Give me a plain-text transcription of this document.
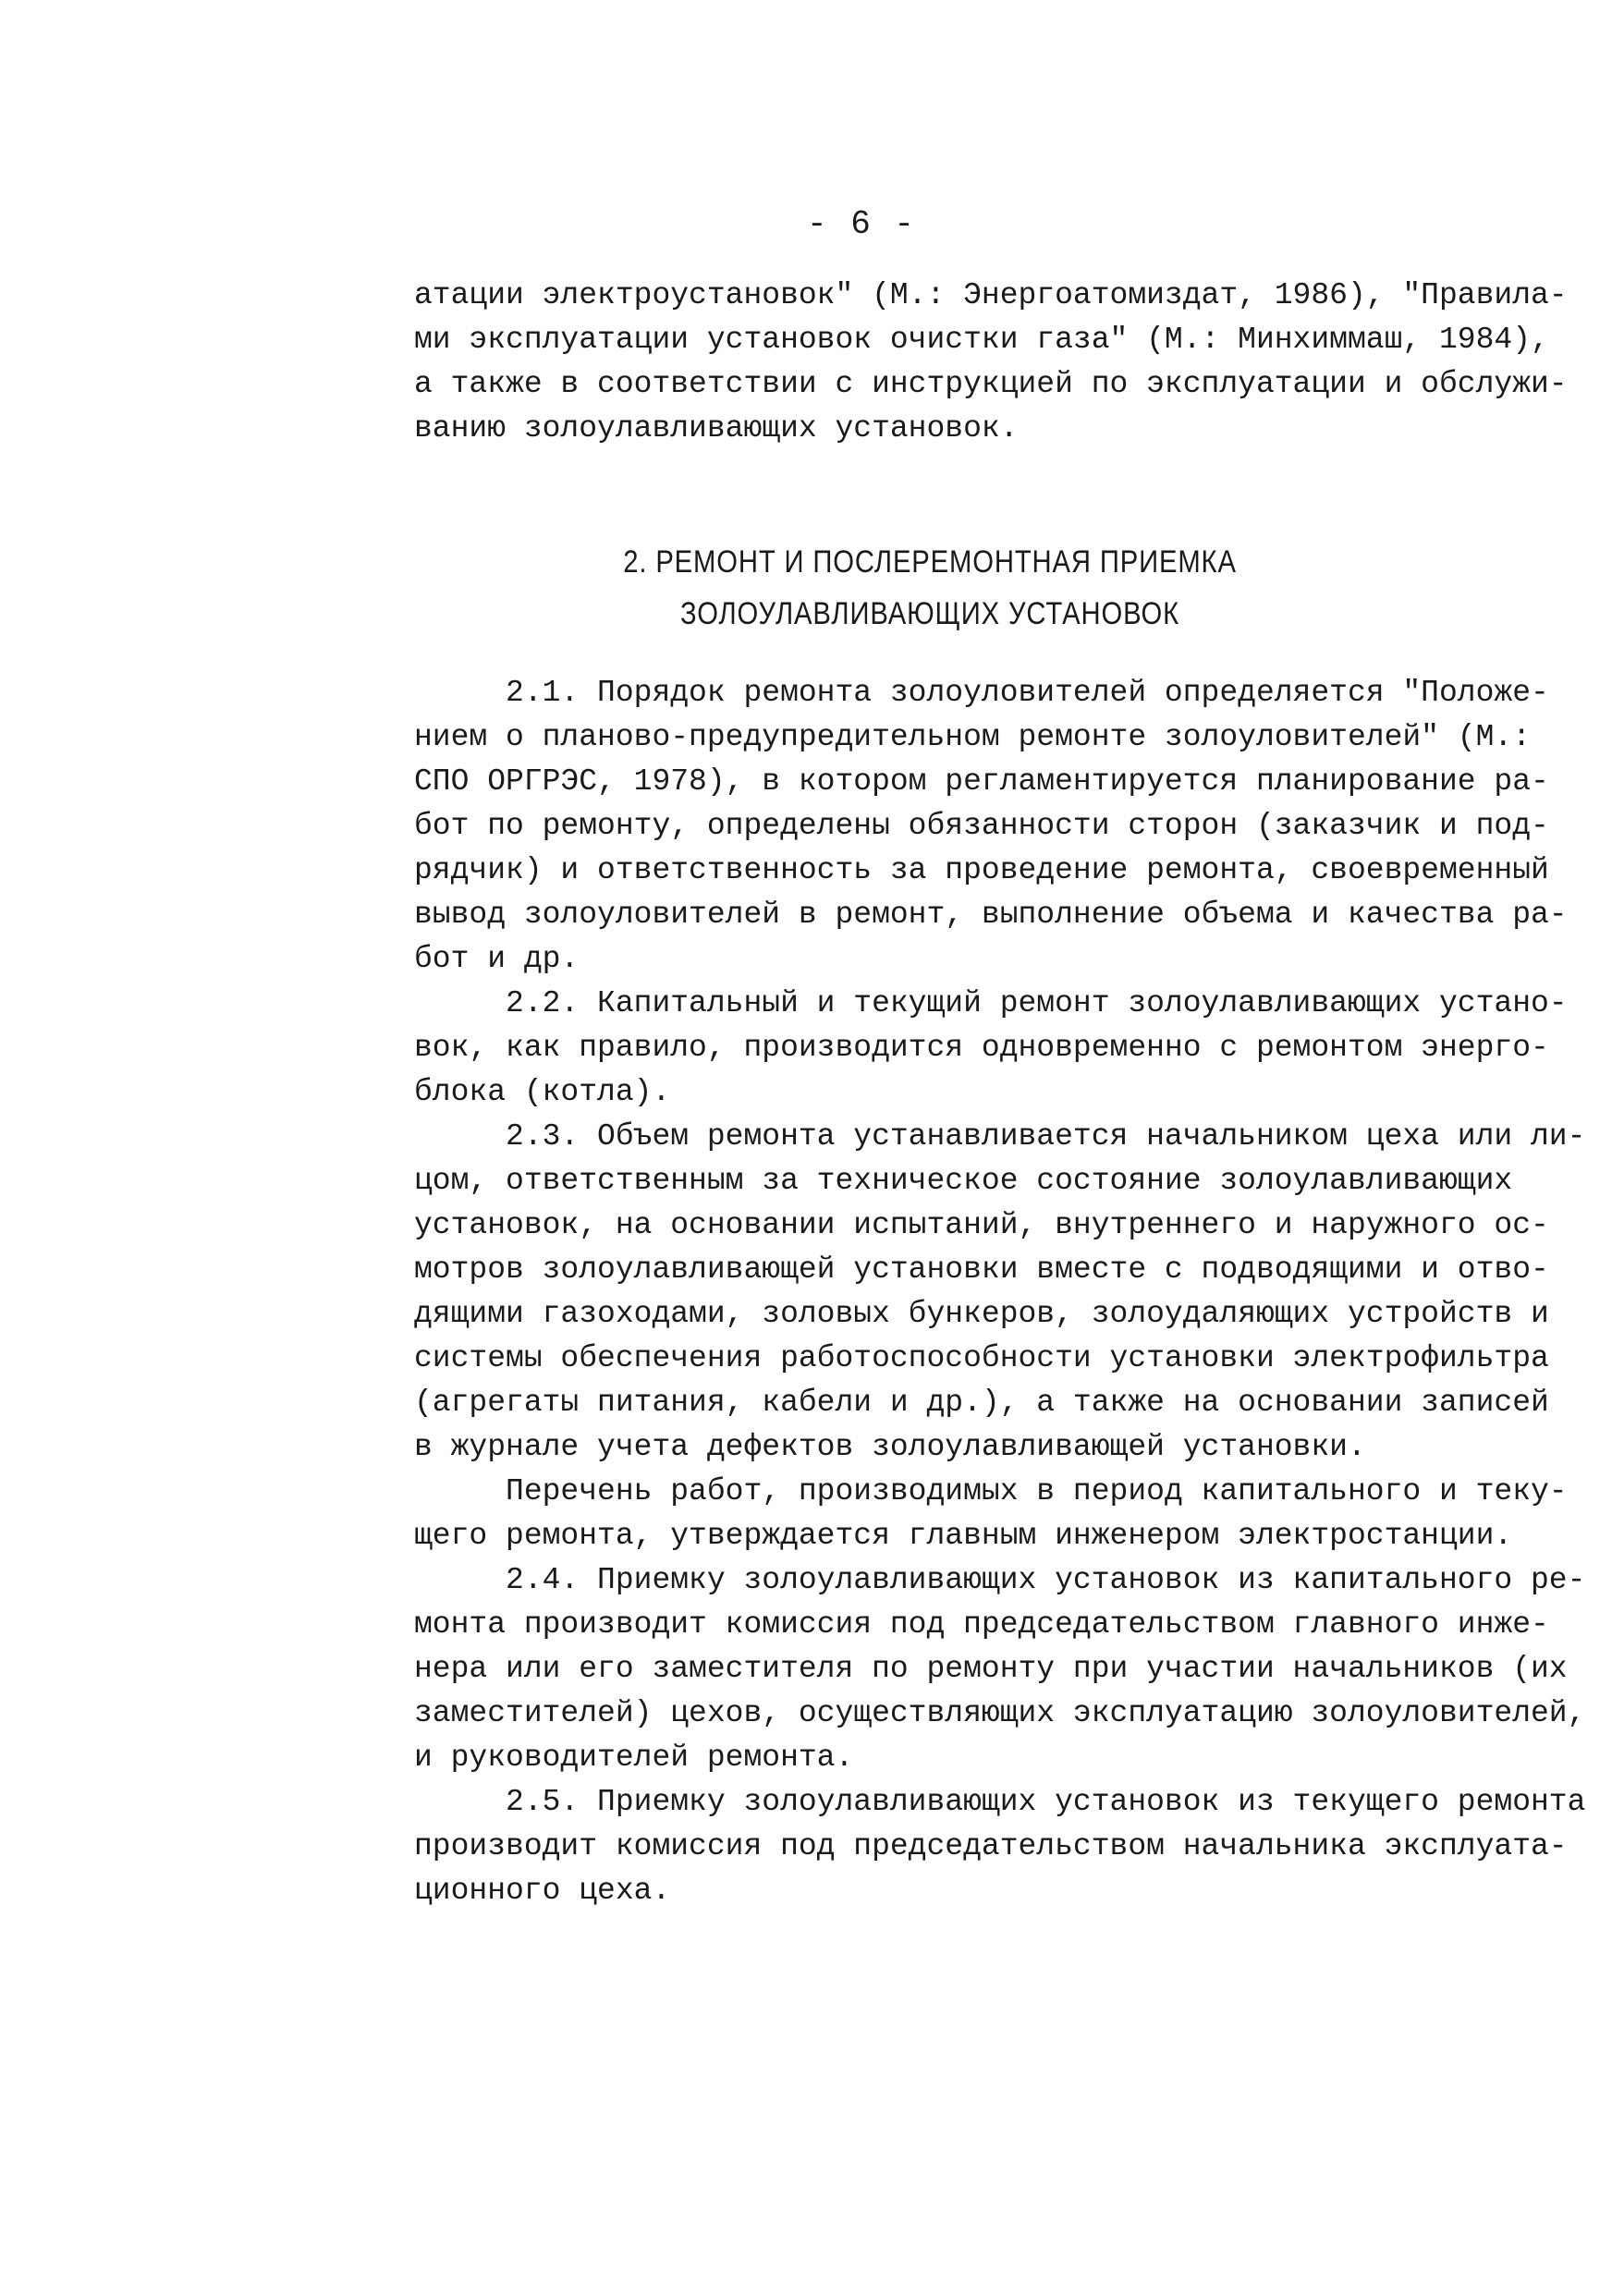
- 6 -
атации электроустановок" (М.: Энергоатомиздат, 1986), "Правила-
ми эксплуатации установок очистки газа" (М.: Минхиммаш, 1984),
а также в соответствии с инструкцией по эксплуатации и обслужи-
ванию золоулавливающих установок.
2. РЕМОНТ И ПОСЛЕРЕМОНТНАЯ ПРИЕМКА
ЗОЛОУЛАВЛИВАЮЩИХ УСТАНОВОК
2.1. Порядок ремонта золоуловителей определяется "Положе-
нием о планово-предупредительном ремонте золоуловителей" (М.:
СПО ОРГРЭС, 1978), в котором регламентируется планирование ра-
бот по ремонту, определены обязанности сторон (заказчик и под-
рядчик) и ответственность за проведение ремонта, своевременный
вывод золоуловителей в ремонт, выполнение объема и качества ра-
бот и др.
2.2. Капитальный и текущий ремонт золоулавливающих устано-
вок, как правило, производится одновременно с ремонтом энерго-
блока (котла).
2.3. Объем ремонта устанавливается начальником цеха или ли-
цом, ответственным за техническое состояние золоулавливающих
установок, на основании испытаний, внутреннего и наружного ос-
мотров золоулавливающей установки вместе с подводящими и отво-
дящими газоходами, золовых бункеров, золоудаляющих устройств и
системы обеспечения работоспособности установки электрофильтра
(агрегаты питания, кабели и др.), а также на основании записей
в журнале учета дефектов золоулавливающей установки.
Перечень работ, производимых в период капитального и теку-
щего ремонта, утверждается главным инженером электростанции.
2.4. Приемку золоулавливающих установок из капитального ре-
монта производит комиссия под председательством главного инже-
нера или его заместителя по ремонту при участии начальников (их
заместителей) цехов, осуществляющих эксплуатацию золоуловителей,
и руководителей ремонта.
2.5. Приемку золоулавливающих установок из текущего ремонта
производит комиссия под председательством начальника эксплуата-
ционного цеха.
